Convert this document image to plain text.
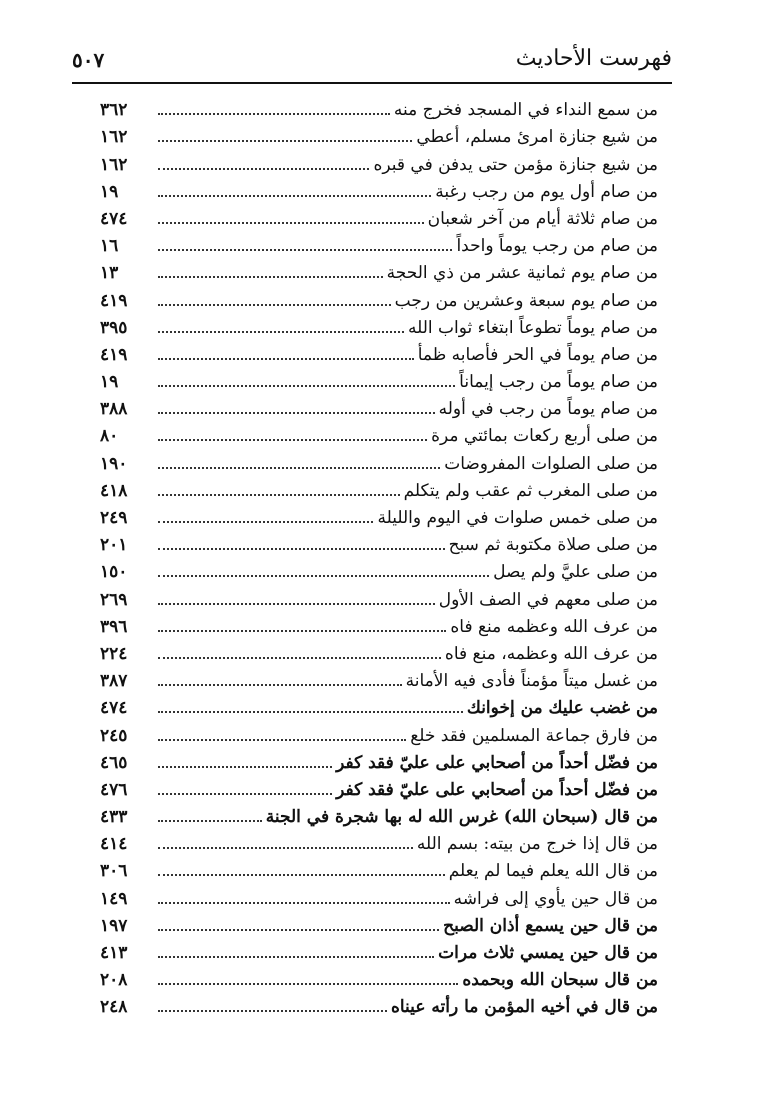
فهرست الأحاديث
٥٠٧
من سمع النداء في المسجد فخرج منه
٣٦٢
من شيع جنازة امرئ مسلم، أعطي
١٦٢
من شيع جنازة مؤمن حتى يدفن في قبره
١٦٢
من صام أول يوم من رجب رغبة
١٩
من صام ثلاثة أيام من آخر شعبان
٤٧٤
من صام من رجب يوماً واحداً
١٦
من صام يوم ثمانية عشر من ذي الحجة
١٣
من صام يوم سبعة وعشرين من رجب
٤١٩
من صام يوماً تطوعاً ابتغاء ثواب الله
٣٩٥
من صام يوماً في الحر فأصابه ظمأ
٤١٩
من صام يوماً من رجب إيماناً
١٩
من صام يوماً من رجب في أوله
٣٨٨
من صلى أربع ركعات بمائتي مرة
٨٠
من صلى الصلوات المفروضات
١٩٠
من صلى المغرب ثم عقب ولم يتكلم
٤١٨
من صلى خمس صلوات في اليوم والليلة
٢٤٩
من صلى صلاة مكتوبة ثم سبح
٢٠١
من صلى عليَّ ولم يصل
١٥٠
من صلى معهم في الصف الأول
٢٦٩
من عرف الله وعظمه منع فاه
٣٩٦
من عرف الله وعظمه، منع فاه
٢٢٤
من غسل ميتاً مؤمناً فأدى فيه الأمانة
٣٨٧
من غضب عليك من إخوانك
٤٧٤
من فارق جماعة المسلمين فقد خلع
٢٤٥
من فضّل أحداً من أصحابي على عليّ فقد كفر
٤٦٥
من فضّل أحداً من أصحابي على عليّ فقد كفر
٤٧٦
من قال (سبحان الله) غرس الله له بها شجرة في الجنة
٤٣٣
من قال إذا خرج من بيته: بسم الله
٤١٤
من قال الله يعلم فيما لم يعلم
٣٠٦
من قال حين يأوي إلى فراشه
١٤٩
من قال حين يسمع أذان الصبح
١٩٧
من قال حين يمسي ثلاث مرات
٤١٣
من قال سبحان الله وبحمده
٢٠٨
من قال في أخيه المؤمن ما رأته عيناه
٢٤٨
